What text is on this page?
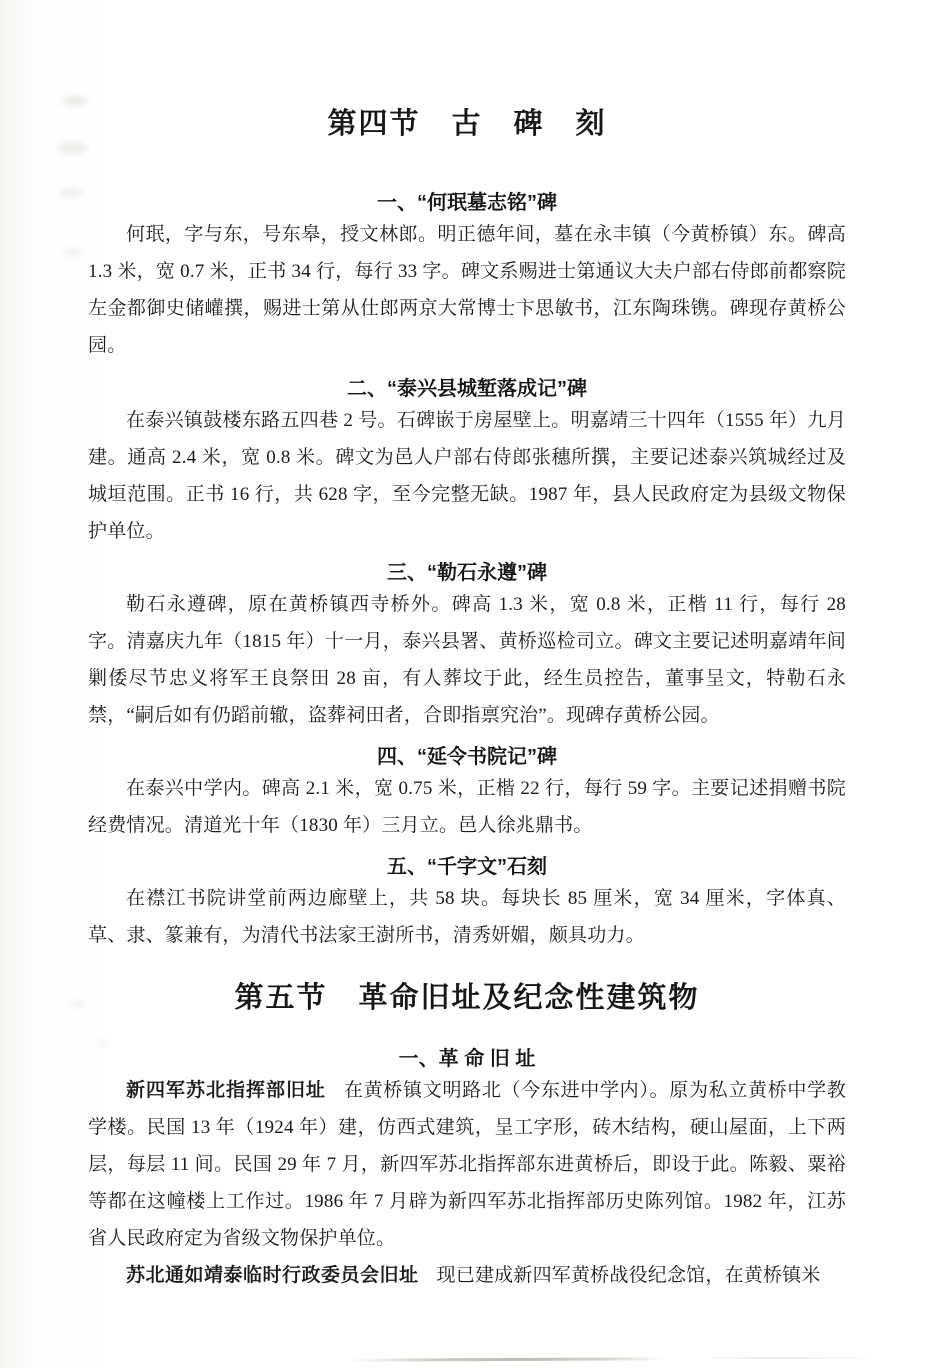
第四节　古　碑　刻
一、“何珉墓志铭”碑

何珉，字与东，号东皋，授文林郎。明正德年间，墓在永丰镇（今黄桥镇）东。碑高 1.3 米，宽 0.7 米，正书 34 行，每行 33 字。碑文系赐进士第通议大夫户部右侍郎前都察院左金都御史储巏撰，赐进士第从仕郎两京大常博士卞思敏书，江东陶珠镌。碑现存黄桥公园。

二、“泰兴县城堑落成记”碑

在泰兴镇鼓楼东路五四巷 2 号。石碑嵌于房屋壁上。明嘉靖三十四年（1555 年）九月建。通高 2.4 米，宽 0.8 米。碑文为邑人户部右侍郎张穗所撰，主要记述泰兴筑城经过及城垣范围。正书 16 行，共 628 字，至今完整无缺。1987 年，县人民政府定为县级文物保护单位。

三、“勒石永遵”碑

勒石永遵碑，原在黄桥镇西寺桥外。碑高 1.3 米，宽 0.8 米，正楷 11 行，每行 28 字。清嘉庆九年（1815 年）十一月，泰兴县署、黄桥巡检司立。碑文主要记述明嘉靖年间剿倭尽节忠义将军王良祭田 28 亩，有人葬坟于此，经生员控告，董事呈文，特勒石永禁，“嗣后如有仍蹈前辙，盗葬祠田者，合即指禀究治”。现碑存黄桥公园。

四、“延令书院记”碑

在泰兴中学内。碑高 2.1 米，宽 0.75 米，正楷 22 行，每行 59 字。主要记述捐赠书院经费情况。清道光十年（1830 年）三月立。邑人徐兆鼎书。

五、“千字文”石刻

在襟江书院讲堂前两边廊壁上，共 58 块。每块长 85 厘米，宽 34 厘米，字体真、草、隶、篆兼有，为清代书法家王澍所书，清秀妍媚，颇具功力。

第五节　革命旧址及纪念性建筑物
一、革 命 旧 址

新四军苏北指挥部旧址 在黄桥镇文明路北（今东进中学内）。原为私立黄桥中学教学楼。民国 13 年（1924 年）建，仿西式建筑，呈工字形，砖木结构，硬山屋面，上下两层，每层 11 间。民国 29 年 7 月，新四军苏北指挥部东进黄桥后，即设于此。陈毅、粟裕等都在这幢楼上工作过。1986 年 7 月辟为新四军苏北指挥部历史陈列馆。1982 年，江苏省人民政府定为省级文物保护单位。

苏北通如靖泰临时行政委员会旧址 现已建成新四军黄桥战役纪念馆，在黄桥镇米
